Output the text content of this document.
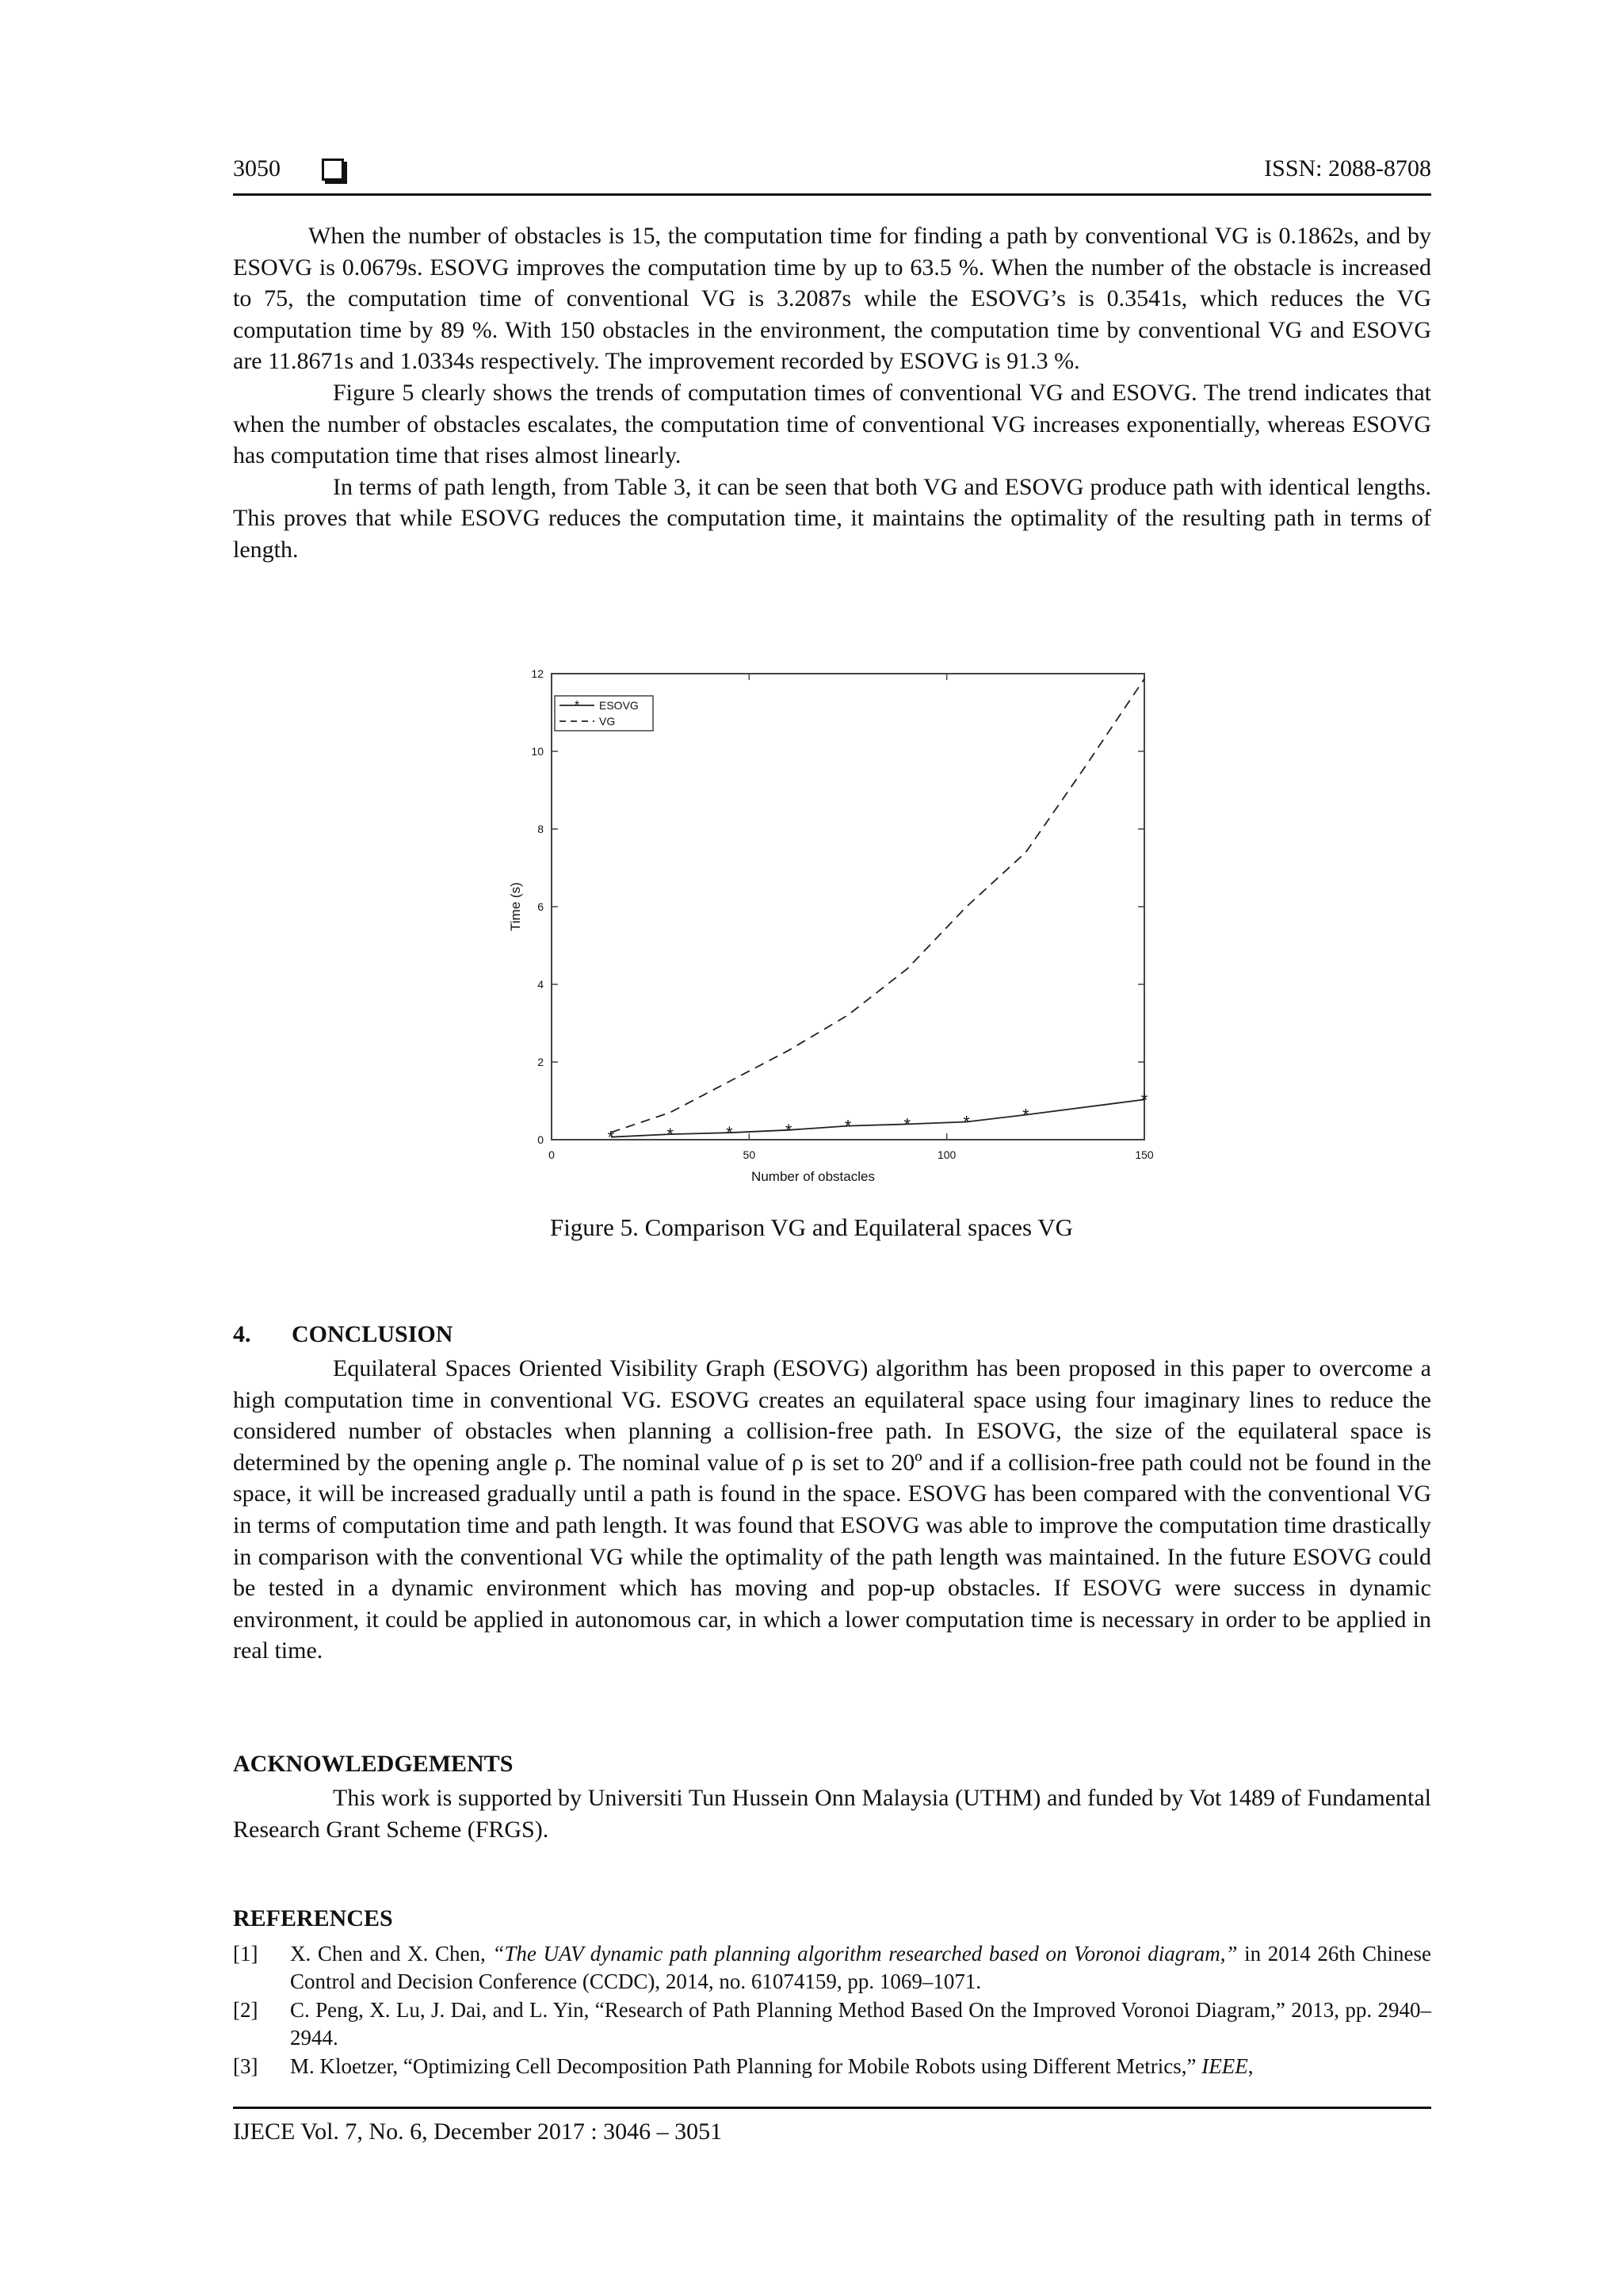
3050	ISSN: 2088-8708

When the number of obstacles is 15, the computation time for finding a path by conventional VG is 0.1862s, and by ESOVG is 0.0679s. ESOVG improves the computation time by up to 63.5 %. When the number of the obstacle is increased to 75, the computation time of conventional VG is 3.2087s while the ESOVG’s is 0.3541s, which reduces the VG computation time by 89 %. With 150 obstacles in the environment, the computation time by conventional VG and ESOVG are 11.8671s and 1.0334s respectively. The improvement recorded by ESOVG is 91.3 %.

Figure 5 clearly shows the trends of computation times of conventional VG and ESOVG. The trend indicates that when the number of obstacles escalates, the computation time of conventional VG increases exponentially, whereas ESOVG has computation time that rises almost linearly.

In terms of path length, from Table 3, it can be seen that both VG and ESOVG produce path with identical lengths. This proves that while ESOVG reduces the computation time, it maintains the optimality of the resulting path in terms of length.

0
2
4
6
8
10
12
0	50	100	150
Number of obstacles
Time (s)
*	*	*	*	*	*	*	*
*
* ESOVG
VG
Figure 5. Comparison VG and Equilateral spaces VG
4. CONCLUSION

Equilateral Spaces Oriented Visibility Graph (ESOVG) algorithm has been proposed in this paper to overcome a high computation time in conventional VG. ESOVG creates an equilateral space using four imaginary lines to reduce the considered number of obstacles when planning a collision-free path. In ESOVG, the size of the equilateral space is determined by the opening angle ρ. The nominal value of ρ is set to 20º and if a collision-free path could not be found in the space, it will be increased gradually until a path is found in the space. ESOVG has been compared with the conventional VG in terms of computation time and path length. It was found that ESOVG was able to improve the computation time drastically in comparison with the conventional VG while the optimality of the path length was maintained. In the future ESOVG could be tested in a dynamic environment which has moving and pop-up obstacles. If ESOVG were success in dynamic environment, it could be applied in autonomous car, in which a lower computation time is necessary in order to be applied in real time.

ACKNOWLEDGEMENTS

This work is supported by Universiti Tun Hussein Onn Malaysia (UTHM) and funded by Vot 1489 of Fundamental Research Grant Scheme (FRGS).

REFERENCES

[1] X. Chen and X. Chen, “The UAV dynamic path planning algorithm researched based on Voronoi diagram,” in 2014 26th Chinese Control and Decision Conference (CCDC), 2014, no. 61074159, pp. 1069–1071.

[2] C. Peng, X. Lu, J. Dai, and L. Yin, “Research of Path Planning Method Based On the Improved Voronoi Diagram,” 2013, pp. 2940–2944.

[3] M. Kloetzer, “Optimizing Cell Decomposition Path Planning for Mobile Robots using Different Metrics,” IEEE,

IJECE Vol. 7, No. 6, December 2017 : 3046 – 3051
